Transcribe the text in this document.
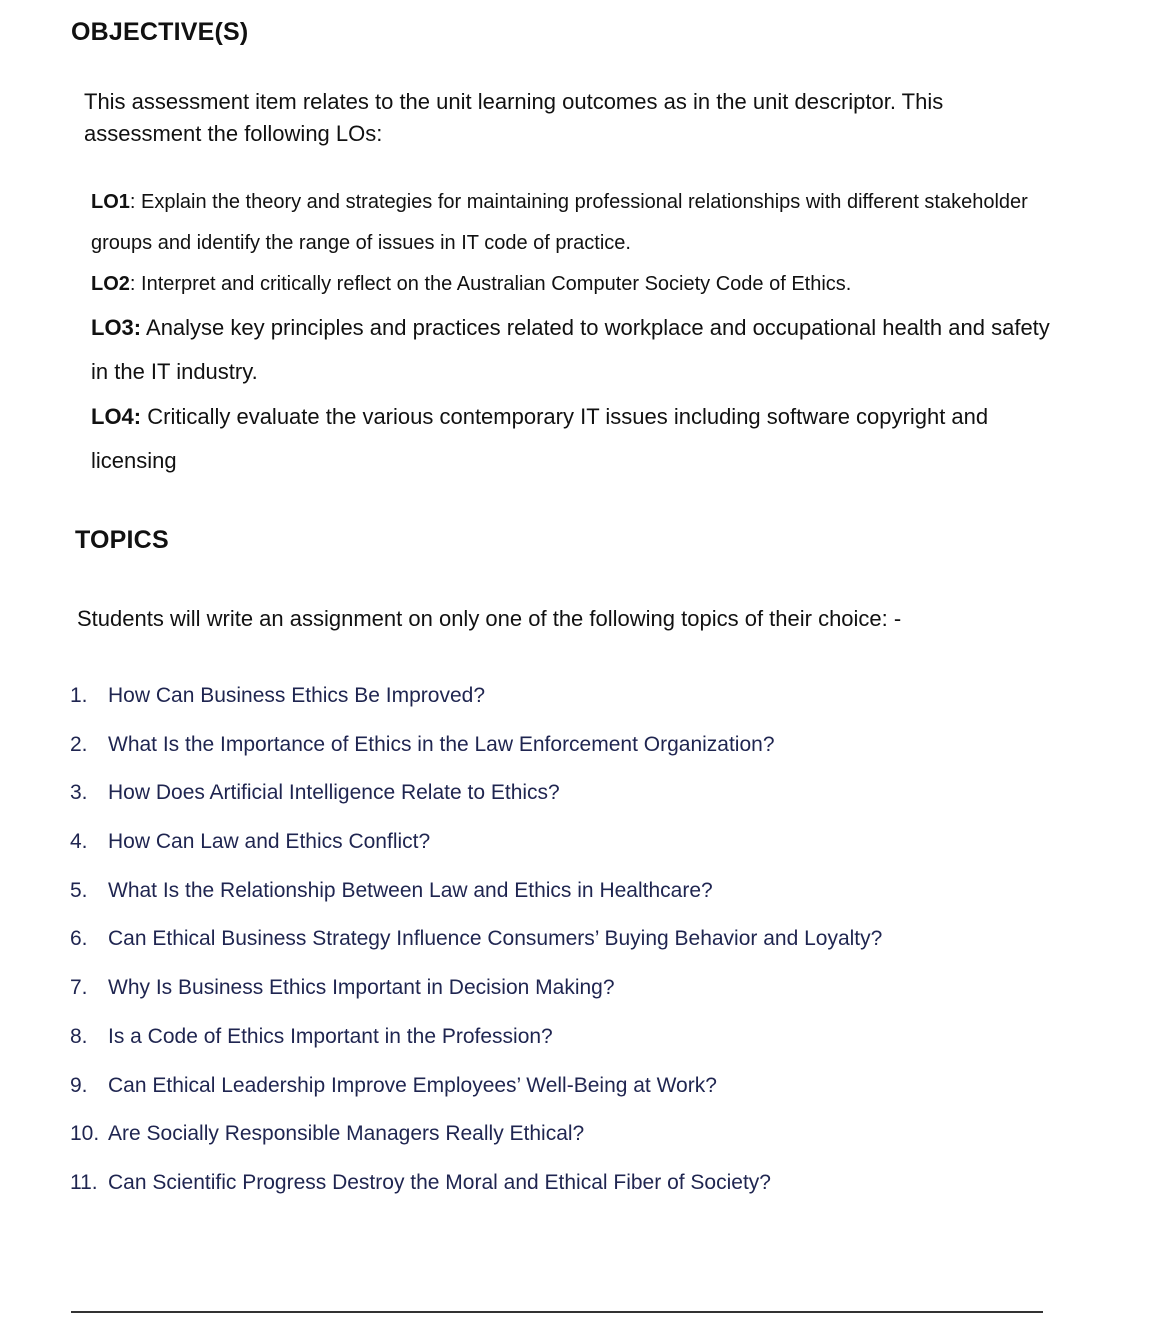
OBJECTIVE(S)

This assessment item relates to the unit learning outcomes as in the unit descriptor. This assessment the following LOs:

LO1: Explain the theory and strategies for maintaining professional relationships with different stakeholder groups and identify the range of issues in IT code of practice.

LO2: Interpret and critically reflect on the Australian Computer Society Code of Ethics.

LO3: Analyse key principles and practices related to workplace and occupational health and safety in the IT industry.

LO4: Critically evaluate the various contemporary IT issues including software copyright and licensing

TOPICS

Students will write an assignment on only one of the following topics of their choice: -

1. How Can Business Ethics Be Improved?
2. What Is the Importance of Ethics in the Law Enforcement Organization?
3. How Does Artificial Intelligence Relate to Ethics?
4. How Can Law and Ethics Conflict?
5. What Is the Relationship Between Law and Ethics in Healthcare?
6. Can Ethical Business Strategy Influence Consumers’ Buying Behavior and Loyalty?
7. Why Is Business Ethics Important in Decision Making?
8. Is a Code of Ethics Important in the Profession?
9. Can Ethical Leadership Improve Employees’ Well-Being at Work?
10. Are Socially Responsible Managers Really Ethical?
11. Can Scientific Progress Destroy the Moral and Ethical Fiber of Society?
